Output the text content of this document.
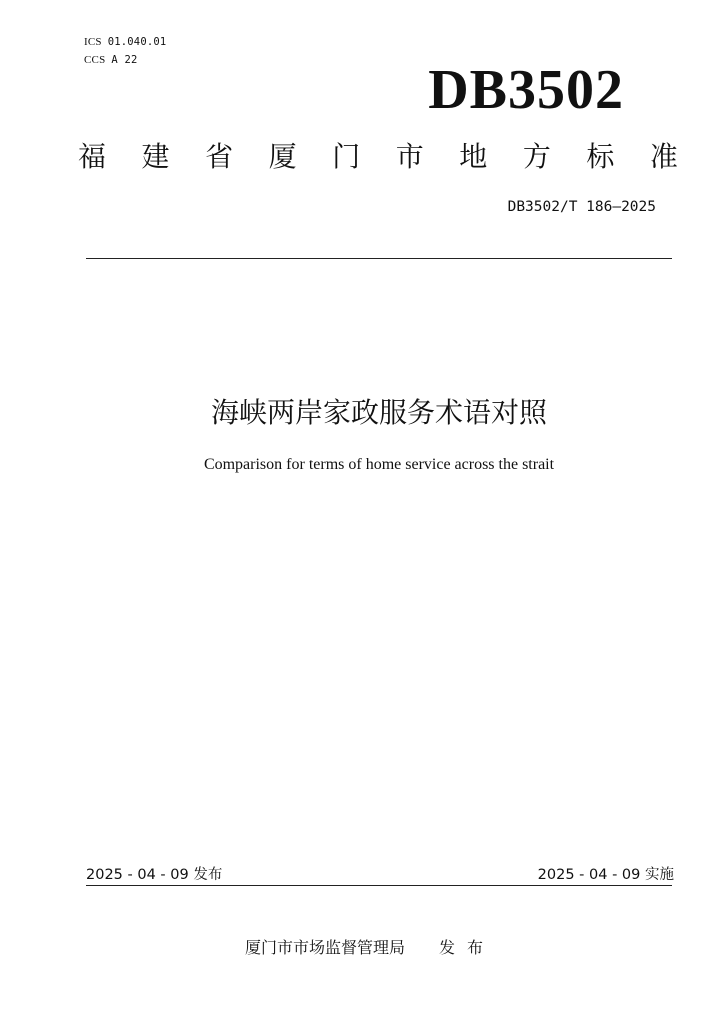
ICS 01.040.01
CCS A 22	DB3502
福 建 省 厦 门 市 地 方 标 准
DB3502/T 186—2025
海峡两岸家政服务术语对照
Comparison for terms of home service across the strait
2025 - 04 - 09 发布	2025 - 04 - 09 实施
厦门市市场监督管理局 发布
